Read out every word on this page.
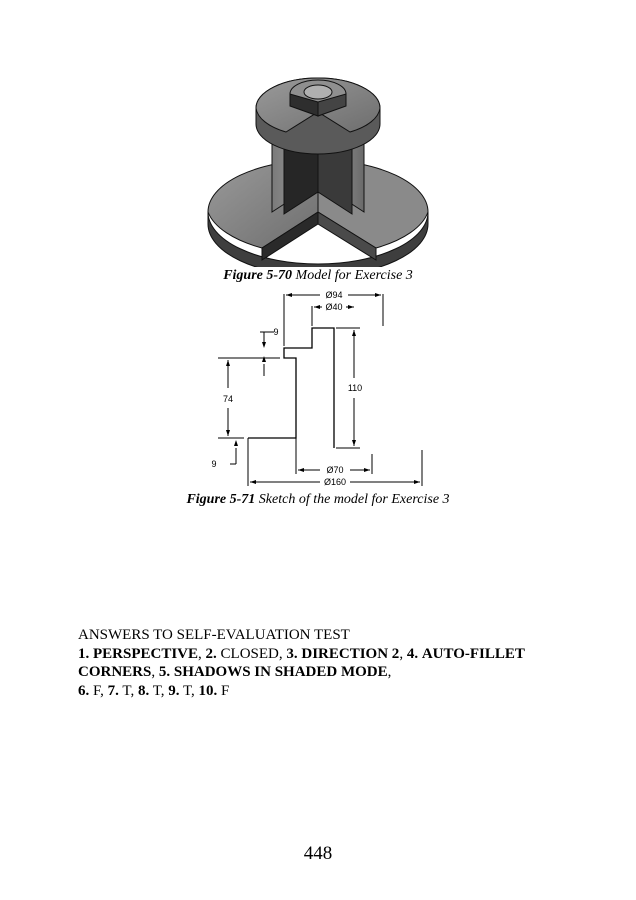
Figure 5-70 Model for Exercise 3
Ø94
Ø40
9
74
110
9
Ø70
Ø160
Figure 5-71 Sketch of the model for Exercise 3
ANSWERS TO SELF-EVALUATION TEST
1. PERSPECTIVE, 2. CLOSED, 3. DIRECTION 2, 4. AUTO-FILLET CORNERS, 5. SHADOWS IN SHADED MODE,
6. F, 7. T, 8. T, 9. T, 10. F
448
